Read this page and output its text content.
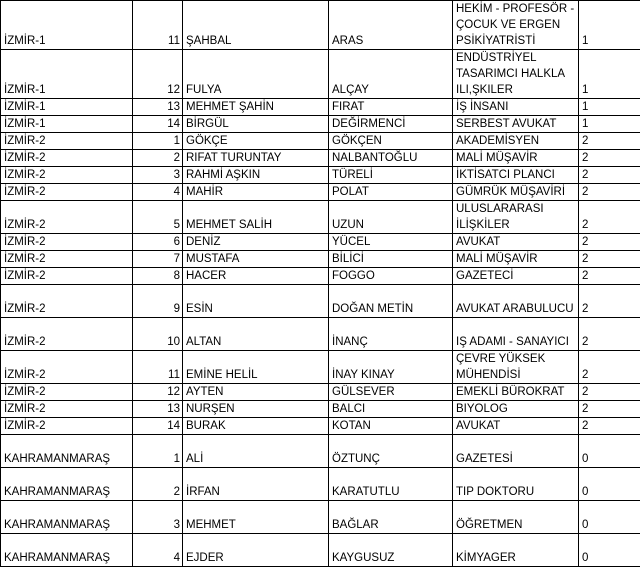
İZMİR-1	11	ŞAHBAL	ARAS	HEKİM - PROFESÖR - ÇOCUK VE ERGEN PSİKİYATRİSTİ	1
İZMİR-1	12	FULYA	ALÇAY	ENDÜSTRİYEL TASARIMCI HALKLA ILI,ŞKILER	1
İZMİR-1	13	MEHMET ŞAHİN	FIRAT	İŞ İNSANI	1
İZMİR-1	14	BİRGÜL	DEĞİRMENCİ	SERBEST AVUKAT	1
İZMİR-2	1	GÖKÇE	GÖKÇEN	AKADEMİSYEN	2
İZMİR-2	2	RIFAT TURUNTAY	NALBANTOĞLU	MALİ MÜŞAVİR	2
İZMİR-2	3	RAHMİ AŞKIN	TÜRELİ	İKTİSATCI PLANCI	2
İZMİR-2	4	MAHİR	POLAT	GÜMRÜK MÜŞAVİRİ	2
İZMİR-2	5	MEHMET SALİH	UZUN	ULUSLARARASI İLİŞKİLER	2
İZMİR-2	6	DENİZ	YÜCEL	AVUKAT	2
İZMİR-2	7	MUSTAFA	BİLİCİ	MALİ MÜŞAVİR	2
İZMİR-2	8	HACER	FOGGO	GAZETECİ	2
İZMİR-2	9	ESİN	DOĞAN METİN	AVUKAT ARABULUCU	2
İZMİR-2	10	ALTAN	İNANÇ	IŞ ADAMI - SANAYICI	2
İZMİR-2	11	EMİNE HELİL	İNAY KINAY	ÇEVRE YÜKSEK MÜHENDİSİ	2
İZMİR-2	12	AYTEN	GÜLSEVER	EMEKLİ BÜROKRAT	2
İZMİR-2	13	NURŞEN	BALCI	BIYOLOG	2
İZMİR-2	14	BURAK	KOTAN	AVUKAT	2
KAHRAMANMARAŞ	1	ALİ	ÖZTUNÇ	GAZETESİ	0
KAHRAMANMARAŞ	2	İRFAN	KARATUTLU	TIP DOKTORU	0
KAHRAMANMARAŞ	3	MEHMET	BAĞLAR	ÖĞRETMEN	0
KAHRAMANMARAŞ	4	EJDER	KAYGUSUZ	KİMYAGER	0
